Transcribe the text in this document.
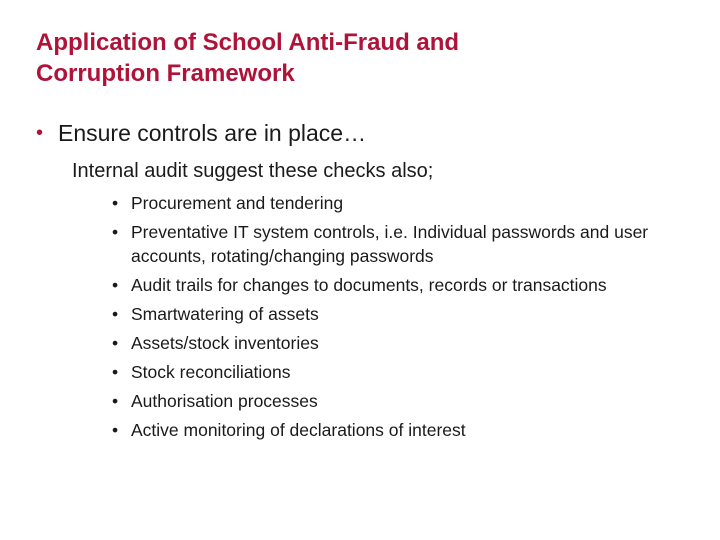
Application of School Anti-Fraud and
Corruption Framework
• Ensure controls are in place…
Internal audit suggest these checks also;
• Procurement and tendering
• Preventative IT system controls, i.e. Individual passwords and user accounts, rotating/changing passwords
• Audit trails for changes to documents, records or transactions
• Smartwatering of assets
• Assets/stock inventories
• Stock reconciliations
• Authorisation processes
• Active monitoring of declarations of interest
